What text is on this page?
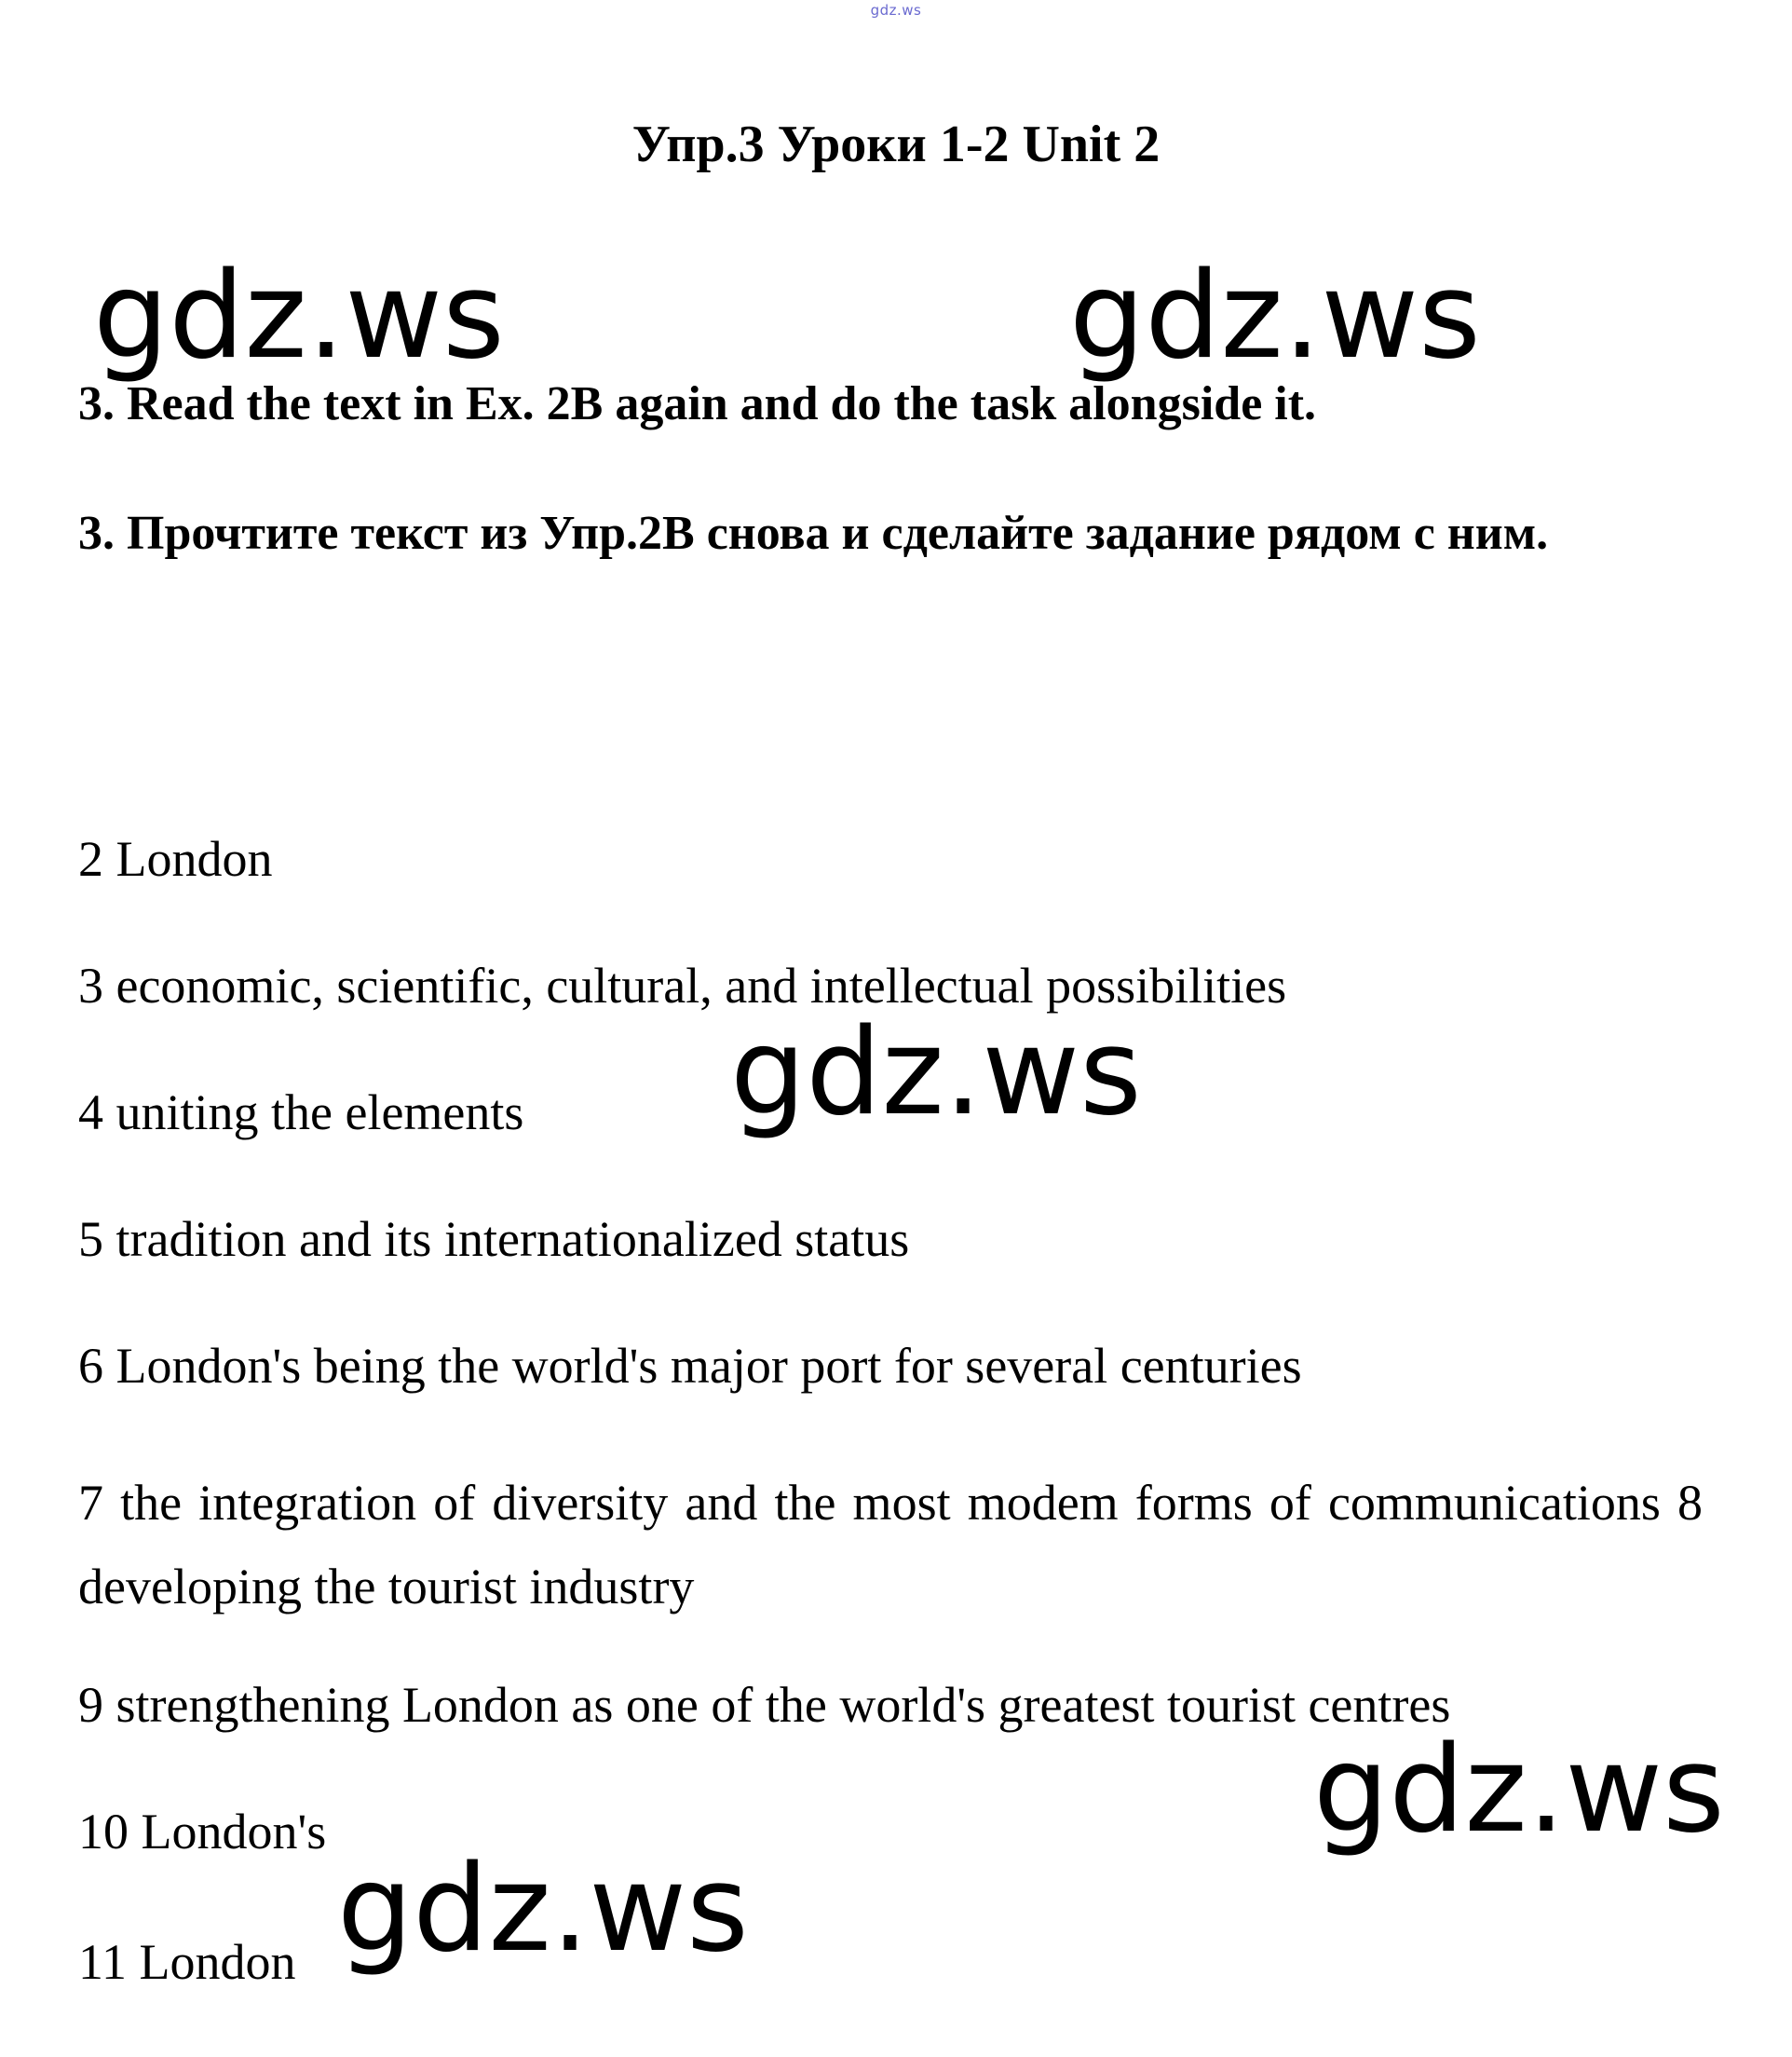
gdz.ws
Упр.3 Уроки 1-2 Unit 2
gdz.ws	gdz.ws

3. Read the text in Ex. 2B again and do the task alongside it.

3. Прочтите текст из Упр.2B снова и сделайте задание рядом с ним.

2 London
3 economic, scientific, cultural, and intellectual possibilities
4 uniting the elements
5 tradition and its internationalized status
6 London's being the world's major port for several centuries
7 the integration of diversity and the most modem forms of communications 8 developing the tourist industry
9 strengthening London as one of the world's greatest tourist centres
10 London's
11 London
gdz.ws
gdz.ws
gdz.ws
